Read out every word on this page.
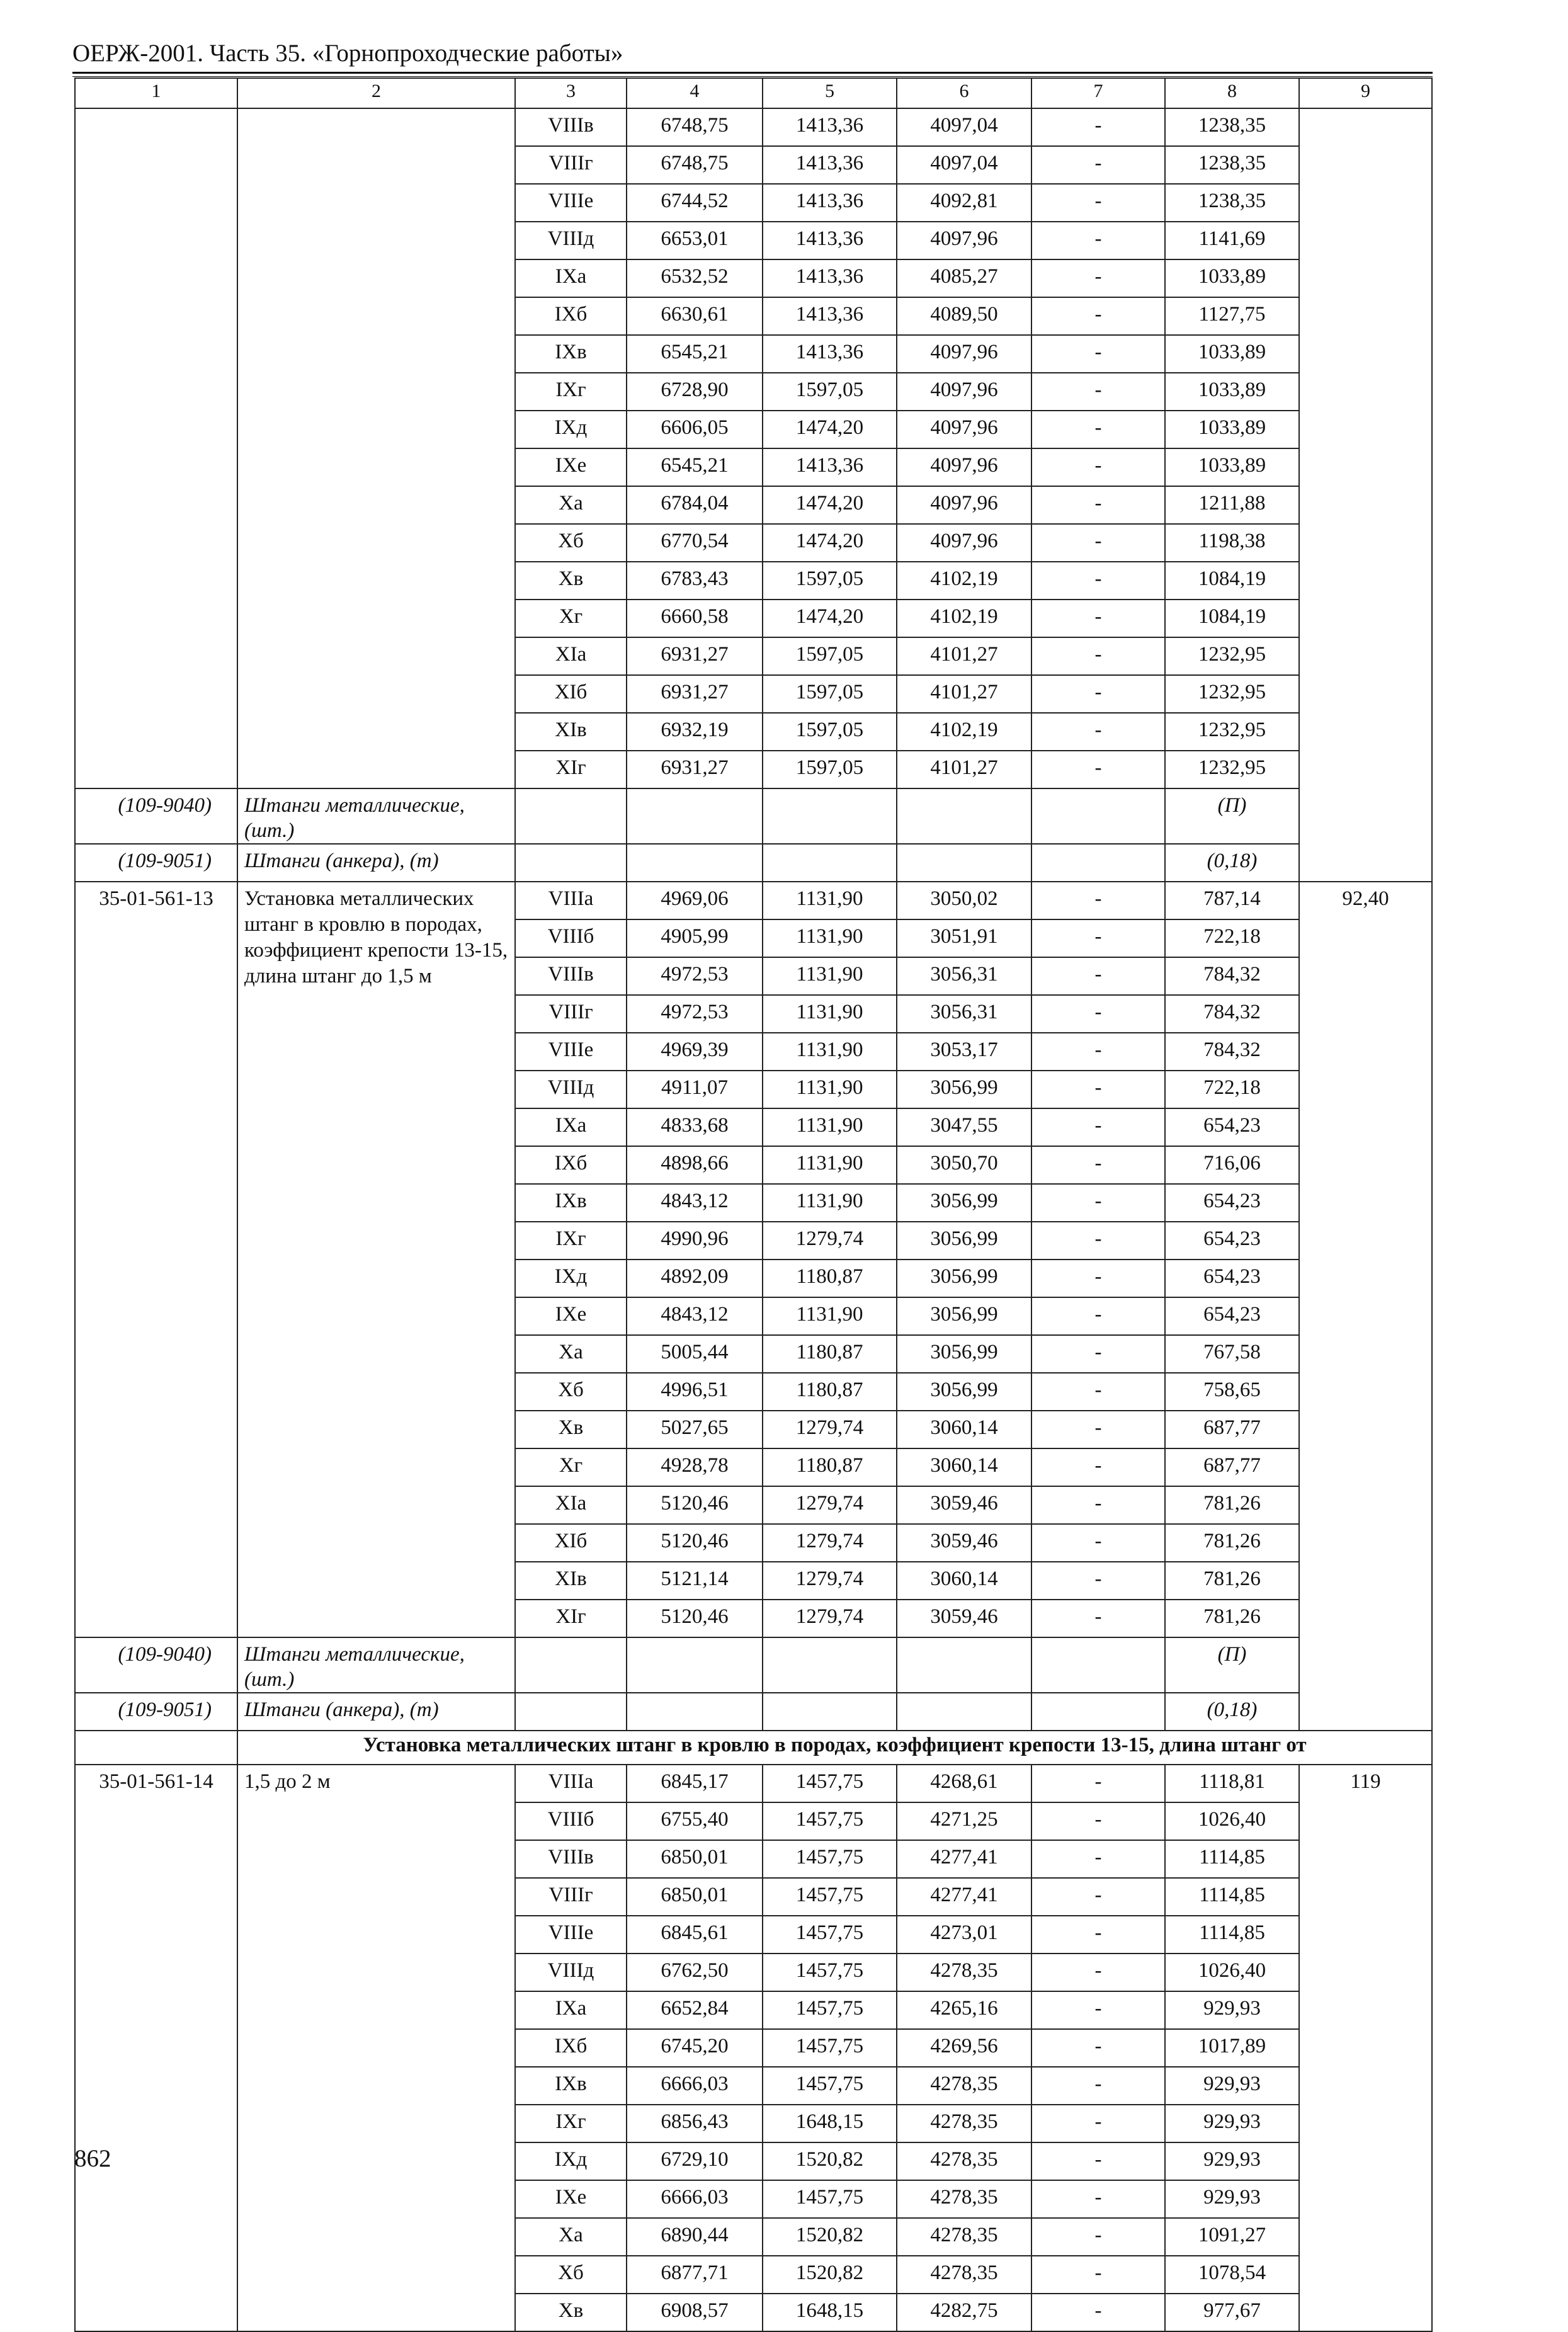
ОЕРЖ-2001. Часть 35. «Горнопроходческие работы»
1	2	3	4	5	6	7	8	9
		VIIIв	6748,75	1413,36	4097,04	-	1238,35	
		VIIIг	6748,75	1413,36	4097,04	-	1238,35	
		VIIIе	6744,52	1413,36	4092,81	-	1238,35	
		VIIIд	6653,01	1413,36	4097,96	-	1141,69	
		IXа	6532,52	1413,36	4085,27	-	1033,89	
		IXб	6630,61	1413,36	4089,50	-	1127,75	
		IXв	6545,21	1413,36	4097,96	-	1033,89	
		IXг	6728,90	1597,05	4097,96	-	1033,89	
		IXд	6606,05	1474,20	4097,96	-	1033,89	
		IXе	6545,21	1413,36	4097,96	-	1033,89	
		Xа	6784,04	1474,20	4097,96	-	1211,88	
		Xб	6770,54	1474,20	4097,96	-	1198,38	
		Xв	6783,43	1597,05	4102,19	-	1084,19	
		Xг	6660,58	1474,20	4102,19	-	1084,19	
		XIа	6931,27	1597,05	4101,27	-	1232,95	
		XIб	6931,27	1597,05	4101,27	-	1232,95	
		XIв	6932,19	1597,05	4102,19	-	1232,95	
		XIг	6931,27	1597,05	4101,27	-	1232,95	
(109-9040)	Штанги металлические, (шт.)						(П)	
(109-9051)	Штанги (анкера), (т)						(0,18)	
35-01-561-13	Установка металлических штанг в кровлю в породах, коэффициент крепости 13-15, длина штанг до 1,5 м	VIIIа	4969,06	1131,90	3050,02	-	787,14	92,40
		VIIIб	4905,99	1131,90	3051,91	-	722,18	
		VIIIв	4972,53	1131,90	3056,31	-	784,32	
		VIIIг	4972,53	1131,90	3056,31	-	784,32	
		VIIIе	4969,39	1131,90	3053,17	-	784,32	
		VIIIд	4911,07	1131,90	3056,99	-	722,18	
		IXа	4833,68	1131,90	3047,55	-	654,23	
		IXб	4898,66	1131,90	3050,70	-	716,06	
		IXв	4843,12	1131,90	3056,99	-	654,23	
		IXг	4990,96	1279,74	3056,99	-	654,23	
		IXд	4892,09	1180,87	3056,99	-	654,23	
		IXе	4843,12	1131,90	3056,99	-	654,23	
		Xа	5005,44	1180,87	3056,99	-	767,58	
		Xб	4996,51	1180,87	3056,99	-	758,65	
		Xв	5027,65	1279,74	3060,14	-	687,77	
		Xг	4928,78	1180,87	3060,14	-	687,77	
		XIа	5120,46	1279,74	3059,46	-	781,26	
		XIб	5120,46	1279,74	3059,46	-	781,26	
		XIв	5121,14	1279,74	3060,14	-	781,26	
		XIг	5120,46	1279,74	3059,46	-	781,26	
(109-9040)	Штанги металлические, (шт.)						(П)	
(109-9051)	Штанги (анкера), (т)						(0,18)	
	Установка металлических штанг в кровлю в породах, коэффициент крепости 13-15, длина штанг от							
35-01-561-14	1,5 до 2 м	VIIIа	6845,17	1457,75	4268,61	-	1118,81	119
		VIIIб	6755,40	1457,75	4271,25	-	1026,40	
		VIIIв	6850,01	1457,75	4277,41	-	1114,85	
		VIIIг	6850,01	1457,75	4277,41	-	1114,85	
		VIIIе	6845,61	1457,75	4273,01	-	1114,85	
		VIIIд	6762,50	1457,75	4278,35	-	1026,40	
		IXа	6652,84	1457,75	4265,16	-	929,93	
		IXб	6745,20	1457,75	4269,56	-	1017,89	
		IXв	6666,03	1457,75	4278,35	-	929,93	
		IXг	6856,43	1648,15	4278,35	-	929,93	
		IXд	6729,10	1520,82	4278,35	-	929,93	
		IXе	6666,03	1457,75	4278,35	-	929,93	
		Xа	6890,44	1520,82	4278,35	-	1091,27	
		Xб	6877,71	1520,82	4278,35	-	1078,54	
		Xв	6908,57	1648,15	4282,75	-	977,67	
862
